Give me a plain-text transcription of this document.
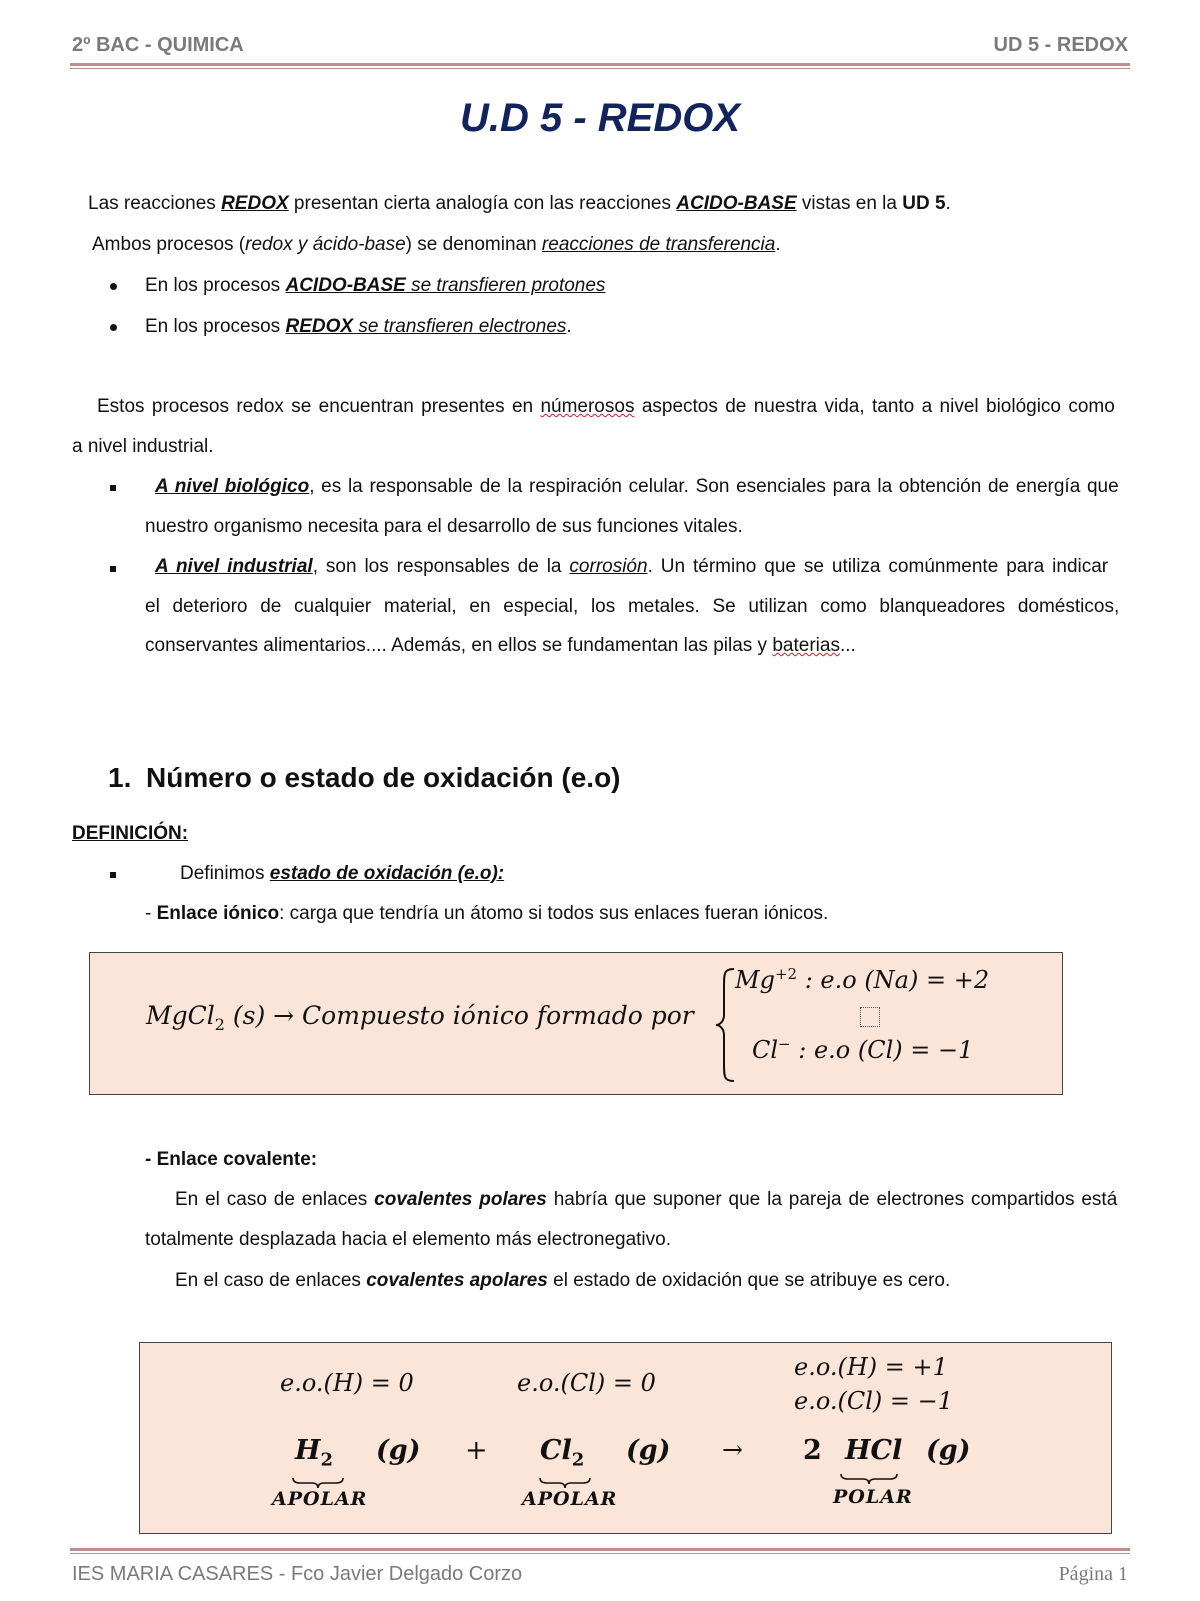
2º BAC - QUIMICA	UD 5 - REDOX
U.D 5 - REDOX
Las reacciones REDOX presentan cierta analogía con las reacciones ACIDO-BASE vistas en la UD 5.
Ambos procesos (redox y ácido-base) se denominan reacciones de transferencia.
En los procesos ACIDO-BASE se transfieren protones
En los procesos REDOX se transfieren electrones.
Estos procesos redox se encuentran presentes en númerosos aspectos de nuestra vida, tanto a nivel biológico como
a nivel industrial.
A nivel biológico, es la responsable de la respiración celular. Son esenciales para la obtención de energía que
nuestro organismo necesita para el desarrollo de sus funciones vitales.
A nivel industrial, son los responsables de la corrosión. Un término que se utiliza comúnmente para indicar
el deterioro de cualquier material, en especial, los metales. Se utilizan como blanqueadores domésticos,
conservantes alimentarios.... Además, en ellos se fundamentan las pilas y baterias...
1. Número o estado de oxidación (e.o)
DEFINICIÓN:
Definimos estado de oxidación (e.o):
- Enlace iónico: carga que tendría un átomo si todos sus enlaces fueran iónicos.
MgCl$_2$ (s) → Compuesto iónico formado por
$Mg^{+2}$ : e.o (Na) = +2
Cl− : e.o (Cl) = −1
- Enlace covalente:
En el caso de enlaces covalentes polares habría que suponer que la pareja de electrones compartidos está
totalmente desplazada hacia el elemento más electronegativo.
En el caso de enlaces covalentes apolares el estado de oxidación que se atribuye es cero.
e.o.(H) = 0	e.o.(Cl) = 0
e.o.(H) = +1
e.o.(Cl) = −1
$H_2$ $(g) + Cl_2$ (g) → 2 HCl (g)
APOLAR	APOLAR	POLAR
IES MARIA CASARES - Fco Javier Delgado Corzo	Página 1
